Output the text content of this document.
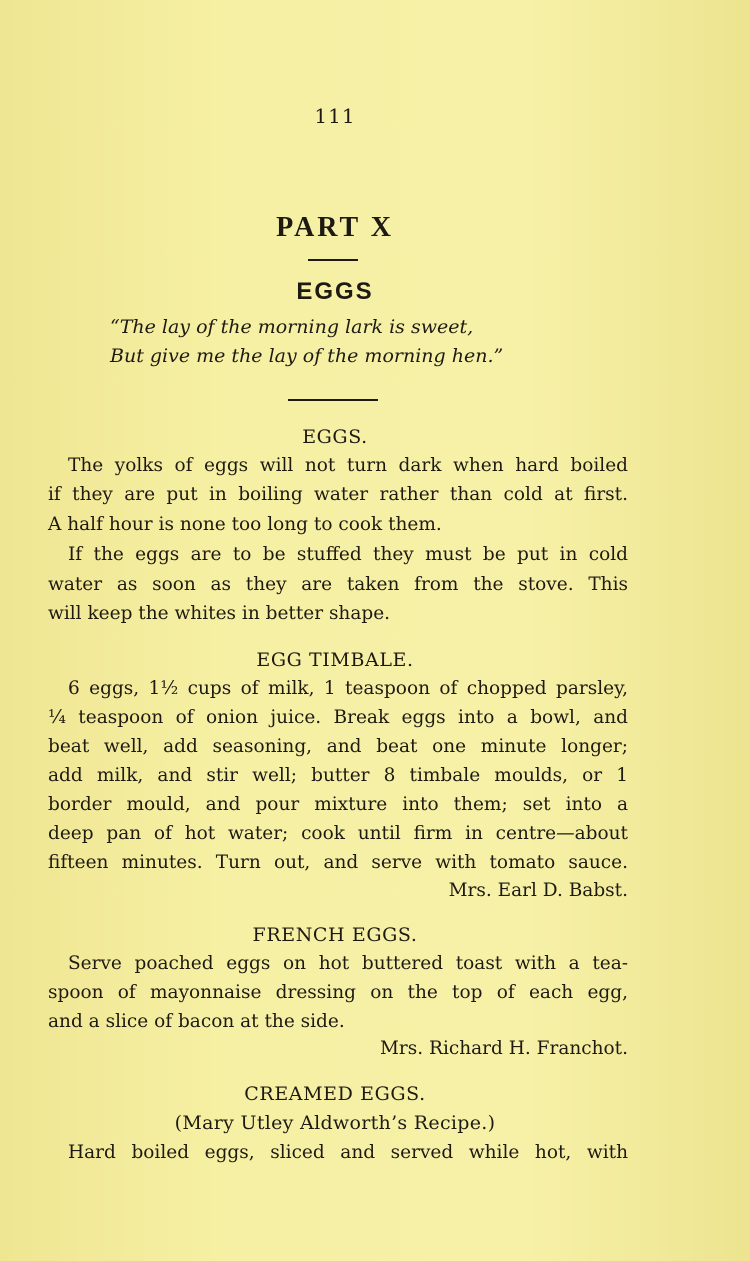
111
PART X
EGGS
“The lay of the morning lark is sweet,
But give me the lay of the morning hen.”
EGGS.
The yolks of eggs will not turn dark when hard boiled
if they are put in boiling water rather than cold at first.
A half hour is none too long to cook them.
If the eggs are to be stuffed they must be put in cold
water as soon as they are taken from the stove. This
will keep the whites in better shape.
EGG TIMBALE.
6 eggs, 1½ cups of milk, 1 teaspoon of chopped parsley,
¼ teaspoon of onion juice. Break eggs into a bowl, and
beat well, add seasoning, and beat one minute longer;
add milk, and stir well; butter 8 timbale moulds, or 1
border mould, and pour mixture into them; set into a
deep pan of hot water; cook until firm in centre—about
fifteen minutes. Turn out, and serve with tomato sauce.
Mrs. Earl D. Babst.
FRENCH EGGS.
Serve poached eggs on hot buttered toast with a tea-
spoon of mayonnaise dressing on the top of each egg,
and a slice of bacon at the side.
Mrs. Richard H. Franchot.
CREAMED EGGS.
(Mary Utley Aldworth’s Recipe.)
Hard boiled eggs, sliced and served while hot, with
